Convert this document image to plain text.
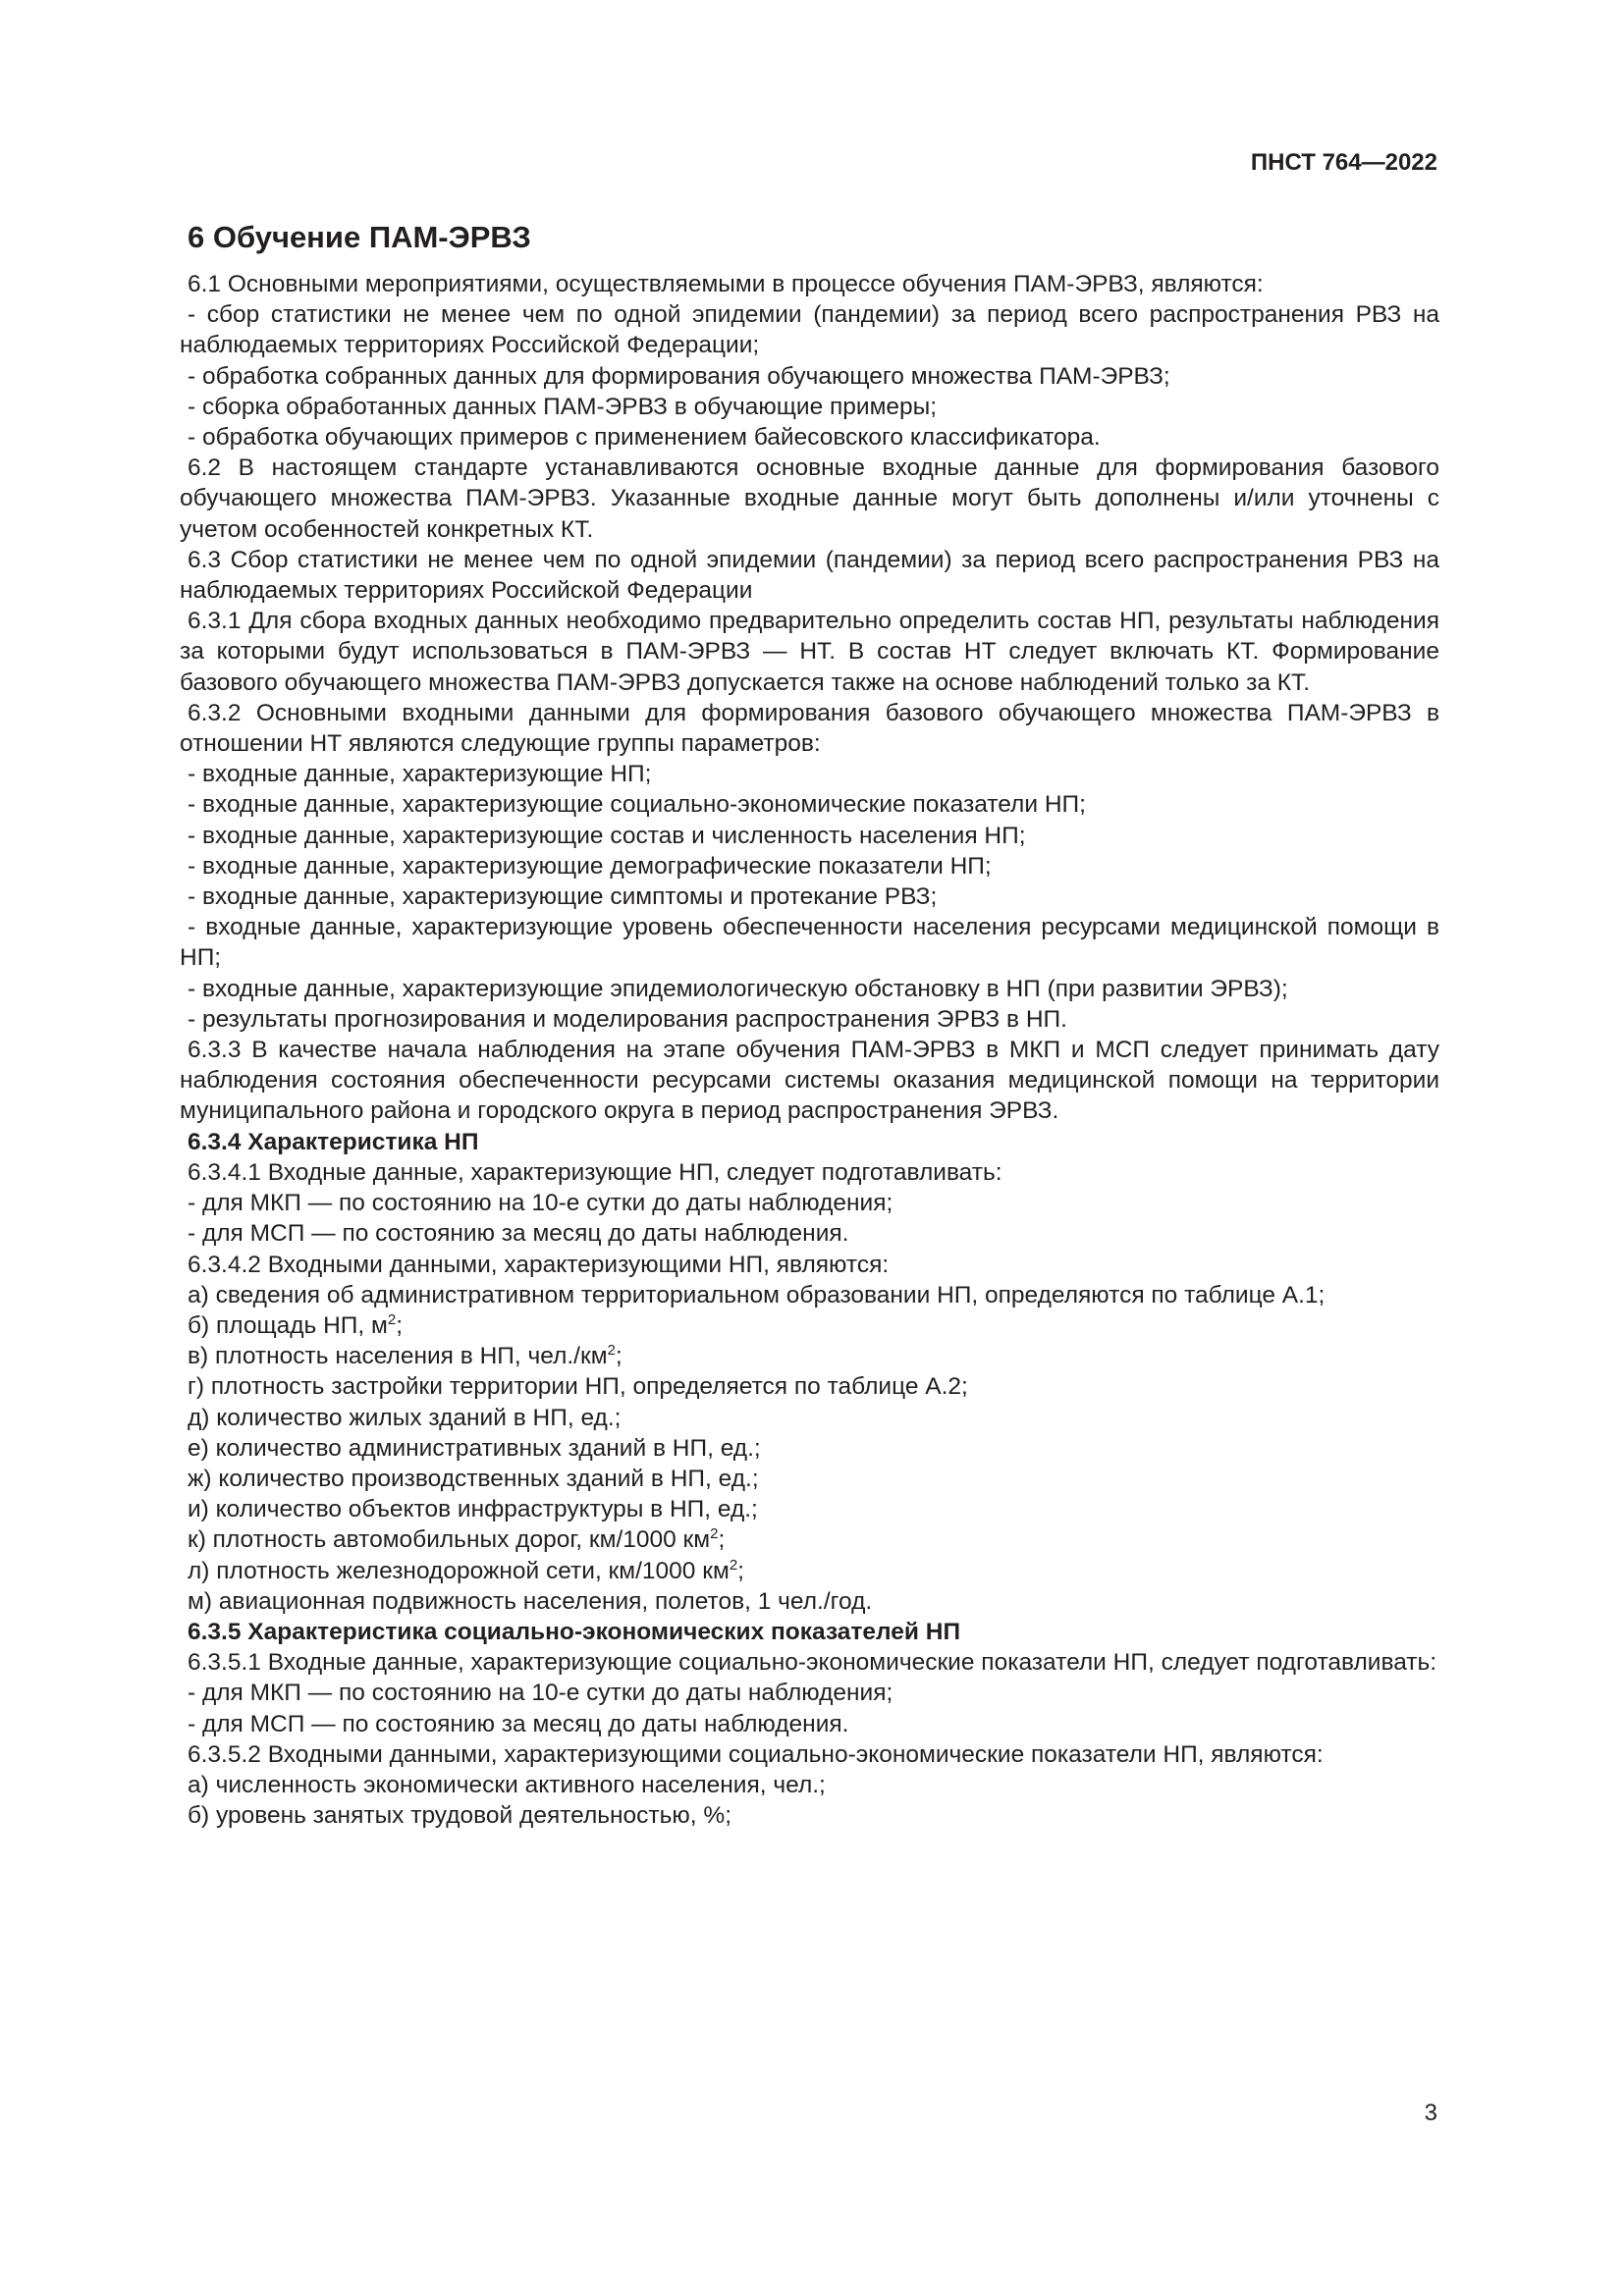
ПНСТ 764—2022
6 Обучение ПАМ-ЭРВЗ

6.1 Основными мероприятиями, осуществляемыми в процессе обучения ПАМ-ЭРВЗ, являются:

- сбор статистики не менее чем по одной эпидемии (пандемии) за период всего распространения РВЗ на наблюдаемых территориях Российской Федерации;

- обработка собранных данных для формирования обучающего множества ПАМ-ЭРВЗ;

- сборка обработанных данных ПАМ-ЭРВЗ в обучающие примеры;

- обработка обучающих примеров с применением байесовского классификатора.

6.2 В настоящем стандарте устанавливаются основные входные данные для формирования базового обучающего множества ПАМ-ЭРВЗ. Указанные входные данные могут быть дополнены и/или уточнены с учетом особенностей конкретных КТ.

6.3 Сбор статистики не менее чем по одной эпидемии (пандемии) за период всего распространения РВЗ на наблюдаемых территориях Российской Федерации

6.3.1 Для сбора входных данных необходимо предварительно определить состав НП, результаты наблюдения за которыми будут использоваться в ПАМ-ЭРВЗ — НТ. В состав НТ следует включать КТ. Формирование базового обучающего множества ПАМ-ЭРВЗ допускается также на основе наблюдений только за КТ.

6.3.2 Основными входными данными для формирования базового обучающего множества ПАМ-ЭРВЗ в отношении НТ являются следующие группы параметров:

- входные данные, характеризующие НП;

- входные данные, характеризующие социально-экономические показатели НП;

- входные данные, характеризующие состав и численность населения НП;

- входные данные, характеризующие демографические показатели НП;

- входные данные, характеризующие симптомы и протекание РВЗ;

- входные данные, характеризующие уровень обеспеченности населения ресурсами медицинской помощи в НП;

- входные данные, характеризующие эпидемиологическую обстановку в НП (при развитии ЭРВЗ);

- результаты прогнозирования и моделирования распространения ЭРВЗ в НП.

6.3.3 В качестве начала наблюдения на этапе обучения ПАМ-ЭРВЗ в МКП и МСП следует принимать дату наблюдения состояния обеспеченности ресурсами системы оказания медицинской помощи на территории муниципального района и городского округа в период распространения ЭРВЗ.

6.3.4 Характеристика НП

6.3.4.1 Входные данные, характеризующие НП, следует подготавливать:

- для МКП — по состоянию на 10-е сутки до даты наблюдения;

- для МСП — по состоянию за месяц до даты наблюдения.

6.3.4.2 Входными данными, характеризующими НП, являются:

а) сведения об административном территориальном образовании НП, определяются по таблице А.1;

б) площадь НП, $м^2$;

в) плотность населения в НП, $чел./км^2$;

г) плотность застройки территории НП, определяется по таблице А.2;

д) количество жилых зданий в НП, ед.;

е) количество административных зданий в НП, ед.;

ж) количество производственных зданий в НП, ед.;

и) количество объектов инфраструктуры в НП, ед.;

к) плотность автомобильных дорог, км/1000 $км^2$;

л) плотность железнодорожной сети, км/1000 $км^2$;

м) авиационная подвижность населения, полетов, 1 чел./год.

6.3.5 Характеристика социально-экономических показателей НП

6.3.5.1 Входные данные, характеризующие социально-экономические показатели НП, следует подготавливать:

- для МКП — по состоянию на 10-е сутки до даты наблюдения;

- для МСП — по состоянию за месяц до даты наблюдения.

6.3.5.2 Входными данными, характеризующими социально-экономические показатели НП, являются:

а) численность экономически активного населения, чел.;

б) уровень занятых трудовой деятельностью, %;

3
